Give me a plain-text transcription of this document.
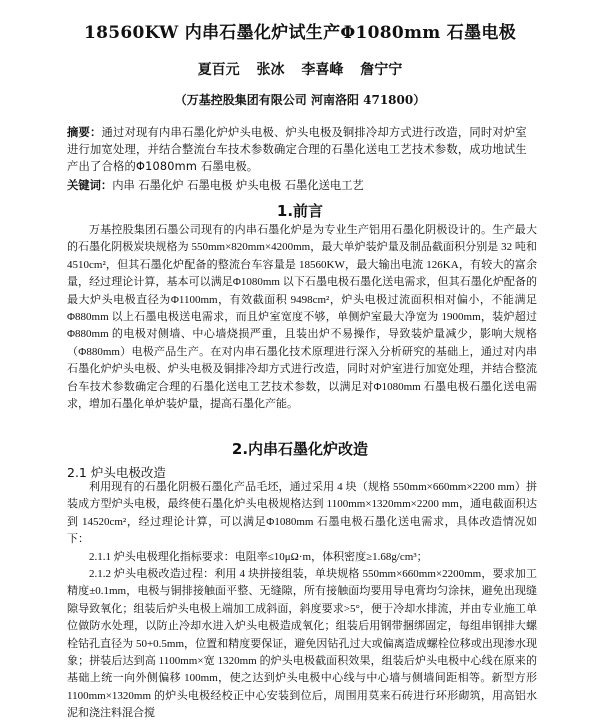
18560KW 内串石墨化炉试生产Φ1080mm 石墨电极
夏百元 张冰 李喜峰 詹宁宁
（万基控股集团有限公司 河南洛阳 471800）
摘要：通过对现有内串石墨化炉炉头电极、炉头电极及铜排冷却方式进行改造，同时对炉室进行加宽处理，并结合整流台车技术参数确定合理的石墨化送电工艺技术参数，成功地试生产出了合格的Φ1080mm 石墨电极。
关键词：内串 石墨化炉 石墨电极 炉头电极 石墨化送电工艺
1.前言

万基控股集团石墨公司现有的内串石墨化炉是为专业生产铝用石墨化阴极设计的。生产最大的石墨化阴极炭块规格为 550mm×820mm×4200mm，最大单炉装炉量及制品截面积分别是 32 吨和 4510cm²，但其石墨化炉配备的整流台车容量是 18560KW，最大输出电流 126KA，有较大的富余量，经过理论计算，基本可以满足Φ1080mm 以下石墨电极石墨化送电需求，但其石墨化炉配备的最大炉头电极直径为Φ1100mm，有效截面积 9498cm²，炉头电极过流面积相对偏小，不能满足Φ880mm 以上石墨电极送电需求，而且炉室宽度不够，单侧炉室最大净宽为 1900mm，装炉超过Φ880mm 的电极对侧墙、中心墙烧损严重，且装出炉不易操作，导致装炉量减少，影响大规格（Φ880mm）电极产品生产。在对内串石墨化技术原理进行深入分析研究的基础上，通过对内串石墨化炉炉头电极、炉头电极及铜排冷却方式进行改造，同时对炉室进行加宽处理，并结合整流台车技术参数确定合理的石墨化送电工艺技术参数，以满足对Φ1080mm 石墨电极石墨化送电需求，增加石墨化单炉装炉量，提高石墨化产能。

2.内串石墨化炉改造
2.1 炉头电极改造

利用现有的石墨化阴极石墨化产品毛坯，通过采用 4 块（规格 550mm×660mm×2200 mm）拼装成方型炉头电极，最终使石墨化炉头电极规格达到 1100mm×1320mm×2200 mm，通电截面积达到 14520cm²，经过理论计算，可以满足Φ1080mm 石墨电极石墨化送电需求，具体改造情况如下：

2.1.1 炉头电极理化指标要求：电阻率≤10μΩ·m，体积密度≥1.68g/cm³；

2.1.2 炉头电极改造过程：利用 4 块拼接组装，单块规格 550mm×660mm×2200mm，要求加工精度±0.1mm，电极与铜排接触面平整、无缝隙，所有接触面均要用导电膏均匀涂抹，避免出现缝隙导致氧化；组装后炉头电极上端加工成斜面，斜度要求>5°，便于冷却水排流，并由专业施工单位做防水处理，以防止冷却水进入炉头电极造成氧化；组装后用钢带捆绑固定，每组串钢排大螺栓钻孔直径为 50+0.5mm，位置和精度要保证，避免因钻孔过大或偏离造成螺栓位移或出现渗水现象；拼装后达到高 1100mm×宽 1320mm 的炉头电极截面积效果，组装后炉头电极中心线在原来的基础上统一向外侧偏移 100mm，使之达到炉头电极中心线与中心墙与侧墙间距相等。新型方形 1100mm×1320mm 的炉头电极经校正中心安装到位后，周围用莫来石砖进行环形砌筑，用高铝水泥和浇注料混合搅
